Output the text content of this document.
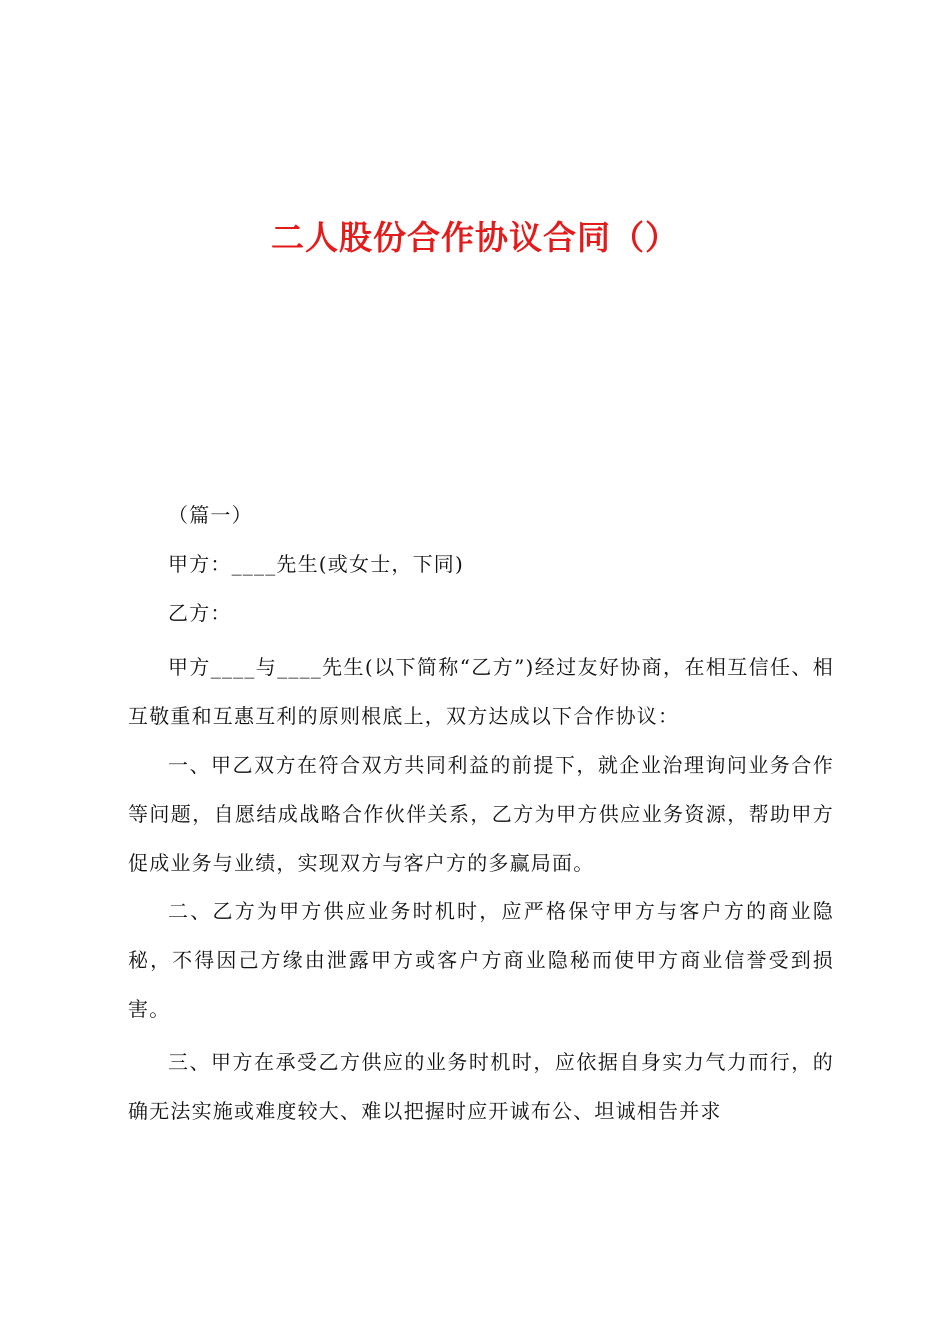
二人股份合作协议合同（）

（篇一）

甲方：____先生(或女士，下同)

乙方：

甲方____与____先生(以下简称“乙方”)经过友好协商，在相互信任、相互敬重和互惠互利的原则根底上，双方达成以下合作协议：

一、甲乙双方在符合双方共同利益的前提下，就企业治理询问业务合作等问题，自愿结成战略合作伙伴关系，乙方为甲方供应业务资源，帮助甲方促成业务与业绩，实现双方与客户方的多赢局面。

二、乙方为甲方供应业务时机时，应严格保守甲方与客户方的商业隐秘，不得因己方缘由泄露甲方或客户方商业隐秘而使甲方商业信誉受到损害。

三、甲方在承受乙方供应的业务时机时，应依据自身实力气力而行，的确无法实施或难度较大、难以把握时应开诚布公、坦诚相告并求
